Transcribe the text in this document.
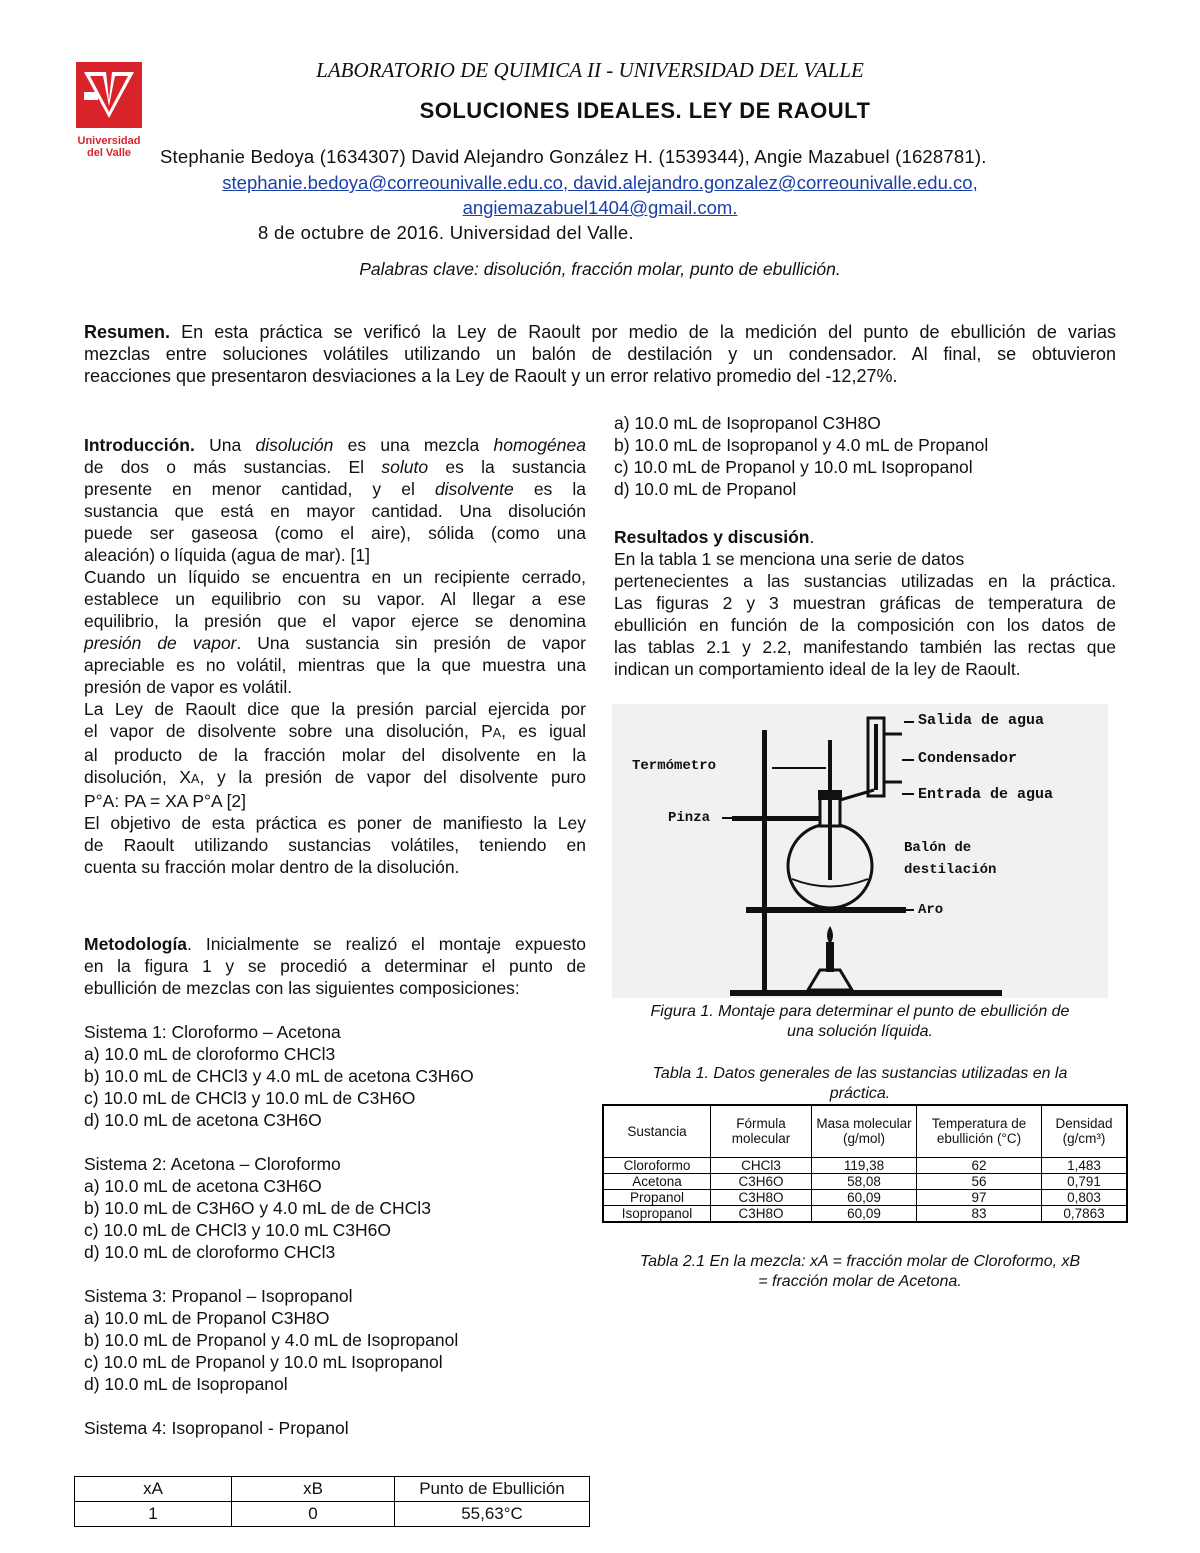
Universidad
del Valle
LABORATORIO DE QUIMICA II - UNIVERSIDAD DEL VALLE
SOLUCIONES IDEALES. LEY DE RAOULT
Stephanie Bedoya (1634307) David Alejandro González H. (1539344), Angie Mazabuel (1628781).
stephanie.bedoya@correounivalle.edu.co, david.alejandro.gonzalez@correounivalle.edu.co,
angiemazabuel1404@gmail.com.
8 de octubre de 2016. Universidad del Valle.
Palabras clave: disolución, fracción molar, punto de ebullición.
Resumen. En esta práctica se verificó la Ley de Raoult por medio de la medición del punto de ebullición de varias
mezclas entre soluciones volátiles utilizando un balón de destilación y un condensador. Al final, se obtuvieron
reacciones que presentaron desviaciones a la Ley de Raoult y un error relativo promedio del -12,27%.
Introducción. Una disolución es una mezcla homogénea
de dos o más sustancias. El soluto es la sustancia
presente en menor cantidad, y el disolvente es la
sustancia que está en mayor cantidad. Una disolución
puede ser gaseosa (como el aire), sólida (como una
aleación) o líquida (agua de mar). [1]
Cuando un líquido se encuentra en un recipiente cerrado,
establece un equilibrio con su vapor. Al llegar a ese
equilibrio, la presión que el vapor ejerce se denomina
presión de vapor. Una sustancia sin presión de vapor
apreciable es no volátil, mientras que la que muestra una
presión de vapor es volátil.
La Ley de Raoult dice que la presión parcial ejercida por
el vapor de disolvente sobre una disolución, PA, es igual
al producto de la fracción molar del disolvente en la
disolución, XA, y la presión de vapor del disolvente puro
P°A: PA = XA P°A [2]
El objetivo de esta práctica es poner de manifiesto la Ley
de Raoult utilizando sustancias volátiles, teniendo en
cuenta su fracción molar dentro de la disolución.
Metodología. Inicialmente se realizó el montaje expuesto
en la figura 1 y se procedió a determinar el punto de
ebullición de mezclas con las siguientes composiciones:
Sistema 1: Cloroformo – Acetona
a) 10.0 mL de cloroformo CHCl3
b) 10.0 mL de CHCl3 y 4.0 mL de acetona C3H6O
c) 10.0 mL de CHCl3 y 10.0 mL de C3H6O
d) 10.0 mL de acetona C3H6O
Sistema 2: Acetona – Cloroformo
a) 10.0 mL de acetona C3H6O
b) 10.0 mL de C3H6O y 4.0 mL de de CHCl3
c) 10.0 mL de CHCl3 y 10.0 mL C3H6O
d) 10.0 mL de cloroformo CHCl3
Sistema 3: Propanol – Isopropanol
a) 10.0 mL de Propanol C3H8O
b) 10.0 mL de Propanol y 4.0 mL de Isopropanol
c) 10.0 mL de Propanol y 10.0 mL Isopropanol
d) 10.0 mL de Isopropanol
Sistema 4: Isopropanol - Propanol
xA	xB	Punto de Ebullición
1	0	55,63°C
a) 10.0 mL de Isopropanol C3H8O
b) 10.0 mL de Isopropanol y 4.0 mL de Propanol
c) 10.0 mL de Propanol y 10.0 mL Isopropanol
d) 10.0 mL de Propanol
Resultados y discusión.
En la tabla 1 se menciona una serie de datos
pertenecientes a las sustancias utilizadas en la práctica.
Las figuras 2 y 3 muestran gráficas de temperatura de
ebullición en función de la composición con los datos de
las tablas 2.1 y 2.2, manifestando también las rectas que
indican un comportamiento ideal de la ley de Raoult.
Salida de agua
Condensador
Entrada de agua
Termómetro
Pinza
Balón de
destilación
Aro
Figura 1. Montaje para determinar el punto de ebullición de
una solución líquida.
Tabla 1. Datos generales de las sustancias utilizadas en la
práctica.
Sustancia	Fórmula molecular	Masa molecular (g/mol)	Temperatura de ebullición (°C)	Densidad (g/cm³)
Cloroformo	CHCl3	119,38	62	1,483
Acetona	C3H6O	58,08	56	0,791
Propanol	C3H8O	60,09	97	0,803
Isopropanol	C3H8O	60,09	83	0,7863
Tabla 2.1 En la mezcla: xA = fracción molar de Cloroformo, xB
= fracción molar de Acetona.
